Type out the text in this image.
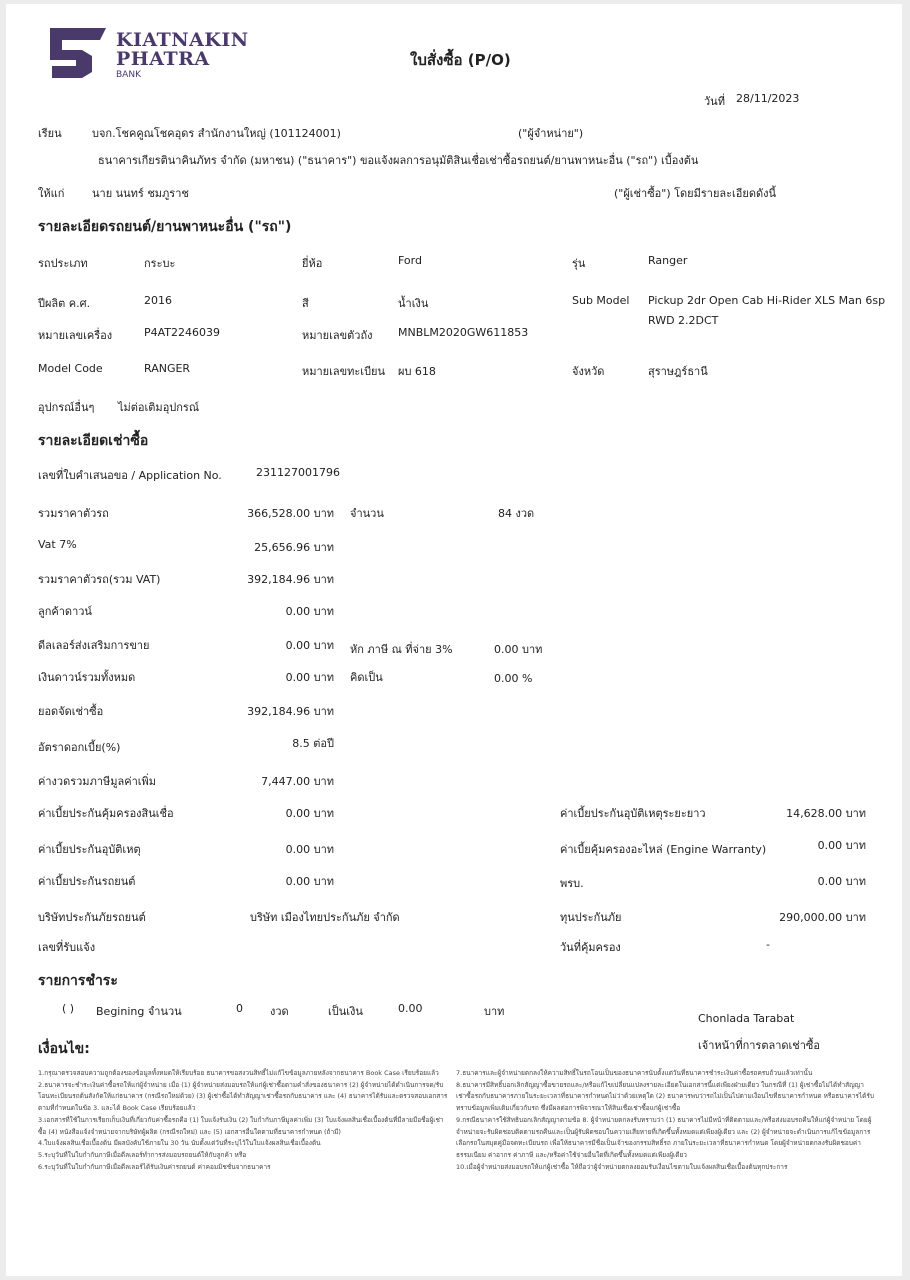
KIATNAKIN
PHATRA
BANK
ใบสั่งซื้อ (P/O)
วันที่ 28/11/2023
เรียน	บจก.โชคคูณโชคอุดร สำนักงานใหญ่ (101124001)	("ผู้จำหน่าย")
ธนาคารเกียรตินาคินภัทร จำกัด (มหาชน) ("ธนาคาร") ขอแจ้งผลการอนุมัติสินเชื่อเช่าซื้อรถยนต์/ยานพาหนะอื่น ("รถ") เบื้องต้น
ให้แก่	นาย นนทร์ ชมภูราช	("ผู้เช่าซื้อ") โดยมีรายละเอียดดังนี้
รายละเอียดรถยนต์/ยานพาหนะอื่น ("รถ")
รถประเภท	กระบะ	ยี่ห้อ	Ford	รุ่น	Ranger
ปีผลิต ค.ศ.	2016	สี	น้ำเงิน	Sub Model Pickup 2dr Open Cab Hi-Rider XLS Man 6sp
RWD 2.2DCT
หมายเลขเครื่อง	P4AT2246039	หมายเลขตัวถัง MNBLM2020GW611853
Model Code	RANGER	หมายเลขทะเบียน ผบ 618	จังหวัด	สุราษฎร์ธานี
อุปกรณ์อื่นๆ ไม่ต่อเติมอุปกรณ์
รายละเอียดเช่าซื้อ
เลขที่ใบคำเสนอขอ / Application No.	231127001796
รวมราคาตัวรถ	366,528.00 บาท จำนวน	84 งวด
Vat 7%	25,656.96 บาท
รวมราคาตัวรถ(รวม VAT)	392,184.96 บาท
ลูกค้าดาวน์	0.00 บาท
ดีลเลอร์ส่งเสริมการขาย	0.00 บาท หัก ภาษี ณ ที่จ่าย 3%	0.00 บาท
เงินดาวน์รวมทั้งหมด	0.00 บาท คิดเป็น	0.00 %
ยอดจัดเช่าซื้อ	392,184.96 บาท
อัตราดอกเบี้ย(%)	8.5 ต่อปี
ค่างวดรวมภาษีมูลค่าเพิ่ม	7,447.00 บาท
ค่าเบี้ยประกันคุ้มครองสินเชื่อ	0.00 บาท	ค่าเบี้ยประกันอุบัติเหตุระยะยาว	14,628.00 บาท
ค่าเบี้ยประกันอุบัติเหตุ	0.00 บาท	ค่าเบี้ยคุ้มครองอะไหล่ (Engine Warranty)	0.00 บาท
ค่าเบี้ยประกันรถยนต์	0.00 บาท	พรบ.	0.00 บาท
บริษัทประกันภัยรถยนต์	บริษัท เมืองไทยประกันภัย จำกัด	ทุนประกันภัย	290,000.00 บาท
เลขที่รับแจ้ง	วันที่คุ้มครอง	-
รายการชำระ
( ) Begining จำนวน	0 งวด	เป็นเงิน	0.00	บาท
Chonlada Tarabat
เจ้าหน้าที่การตลาดเช่าซื้อ
เงื่อนไข:
1.กรุณาตรวจสอบความถูกต้องของข้อมูลทั้งหมดให้เรียบร้อย ธนาคารขอสงวนสิทธิ์ไม่แก้ไขข้อมูลภายหลังจากธนาคาร Book Case เรียบร้อยแล้ว
2.ธนาคารจะชำระเงินค่าซื้อรถให้แก่ผู้จำหน่าย เมื่อ (1) ผู้จำหน่ายส่งมอบรถให้แก่ผู้เช่าซื้อตามคำสั่งของธนาคาร (2) ผู้จำหน่ายได้ดำเนินการจด/รับโอนทะเบียนรถต้นสังกัดให้แก่ธนาคาร (กรณีรถใหม่ด้วย) (3) ผู้เช่าซื้อได้ทำสัญญาเช่าซื้อรถกับธนาคาร และ (4) ธนาคารได้รับและตรวจสอบเอกสารตามที่กำหนดในข้อ 3. และได้ Book Case เรียบร้อยแล้ว
3.เอกสารที่ใช้ในการเรียกเก็บเงินที่เกี่ยวกับค่าซื้อรถคือ (1) ใบแจ้งรับเงิน (2) ใบกำกับภาษีมูลค่าเพิ่ม (3) ใบแจ้งผลสินเชื่อเบื้องต้นที่มีลายมือชื่อผู้เช่าซื้อ (4) หนังสือแจ้งจำหน่ายจากบริษัทผู้ผลิต (กรณีรถใหม่) และ (5) เอกสารอื่นใดตามที่ธนาคารกำหนด (ถ้ามี)
4.ใบแจ้งผลสินเชื่อเบื้องต้น มีผลบังคับใช้ภายใน 30 วัน นับตั้งแต่วันที่ระบุไว้ในใบแจ้งผลสินเชื่อเบื้องต้น
5.ระบุวันที่ในใบกำกับภาษีเมื่อดีลเลอร์ทำการส่งมอบรถยนต์ให้กับลูกค้า หรือ
6.ระบุวันที่ในใบกำกับภาษีเมื่อดีลเลอร์ได้รับเงินค่ารถยนต์ ค่าคอมมิชชั่นจากธนาคาร
7.ธนาคารและผู้จำหน่ายตกลงให้ความสิทธิ์ในรถโอนเป็นของธนาคารนับตั้งแต่วันที่ธนาคารชำระเงินค่าซื้อรถครบถ้วนแล้วเท่านั้น
8.ธนาคารมีสิทธิ์บอกเลิกสัญญาซื้อขายรถและ/หรือแก้ไขเปลี่ยนแปลงรายละเอียดในเอกสารนี้แต่เพียงฝ่ายเดียว ในกรณีที่ (1) ผู้เช่าซื้อไม่ได้ทำสัญญาเช่าซื้อรถกับธนาคารภายในระยะเวลาที่ธนาคารกำหนดไม่ว่าด้วยเหตุใด (2) ธนาคารพบว่ารถไม่เป็นไปตามเงื่อนไขที่ธนาคารกำหนด หรือธนาคารได้รับทราบข้อมูลเพิ่มเติมเกี่ยวกับรถ ซึ่งมีผลต่อการพิจารณาให้สินเชื่อเช่าซื้อแก่ผู้เช่าซื้อ
9.กรณีธนาคารใช้สิทธิบอกเลิกสัญญาตามข้อ 8. ผู้จำหน่ายตกลงรับทราบว่า (1) ธนาคารไม่มีหน้าที่ติดตามและ/หรือส่งมอบรถคืนให้แก่ผู้จำหน่าย โดยผู้จำหน่ายจะรับผิดชอบติดตามรถคืนและเป็นผู้รับผิดชอบในความเสียหายที่เกิดขึ้นทั้งหมดแต่เพียงผู้เดียว และ (2) ผู้จำหน่ายจะดำเนินการแก้ไขข้อมูลการเลือกรถในสมุดคู่มือจดทะเบียนรถ เพื่อให้ธนาคารมีชื่อเป็นเจ้าของกรรมสิทธิ์รถ ภายในระยะเวลาที่ธนาคารกำหนด โดยผู้จำหน่ายตกลงรับผิดชอบค่าธรรมเนียม ค่าอากร ค่าภาษี และ/หรือค่าใช้จ่ายอื่นใดที่เกิดขึ้นทั้งหมดแต่เพียงผู้เดียว
10.เมื่อผู้จำหน่ายส่งมอบรถให้แก่ผู้เช่าซื้อ ให้ถือว่าผู้จำหน่ายตกลงยอมรับเงื่อนไขตามใบแจ้งผลสินเชื่อเบื้องต้นทุกประการ
